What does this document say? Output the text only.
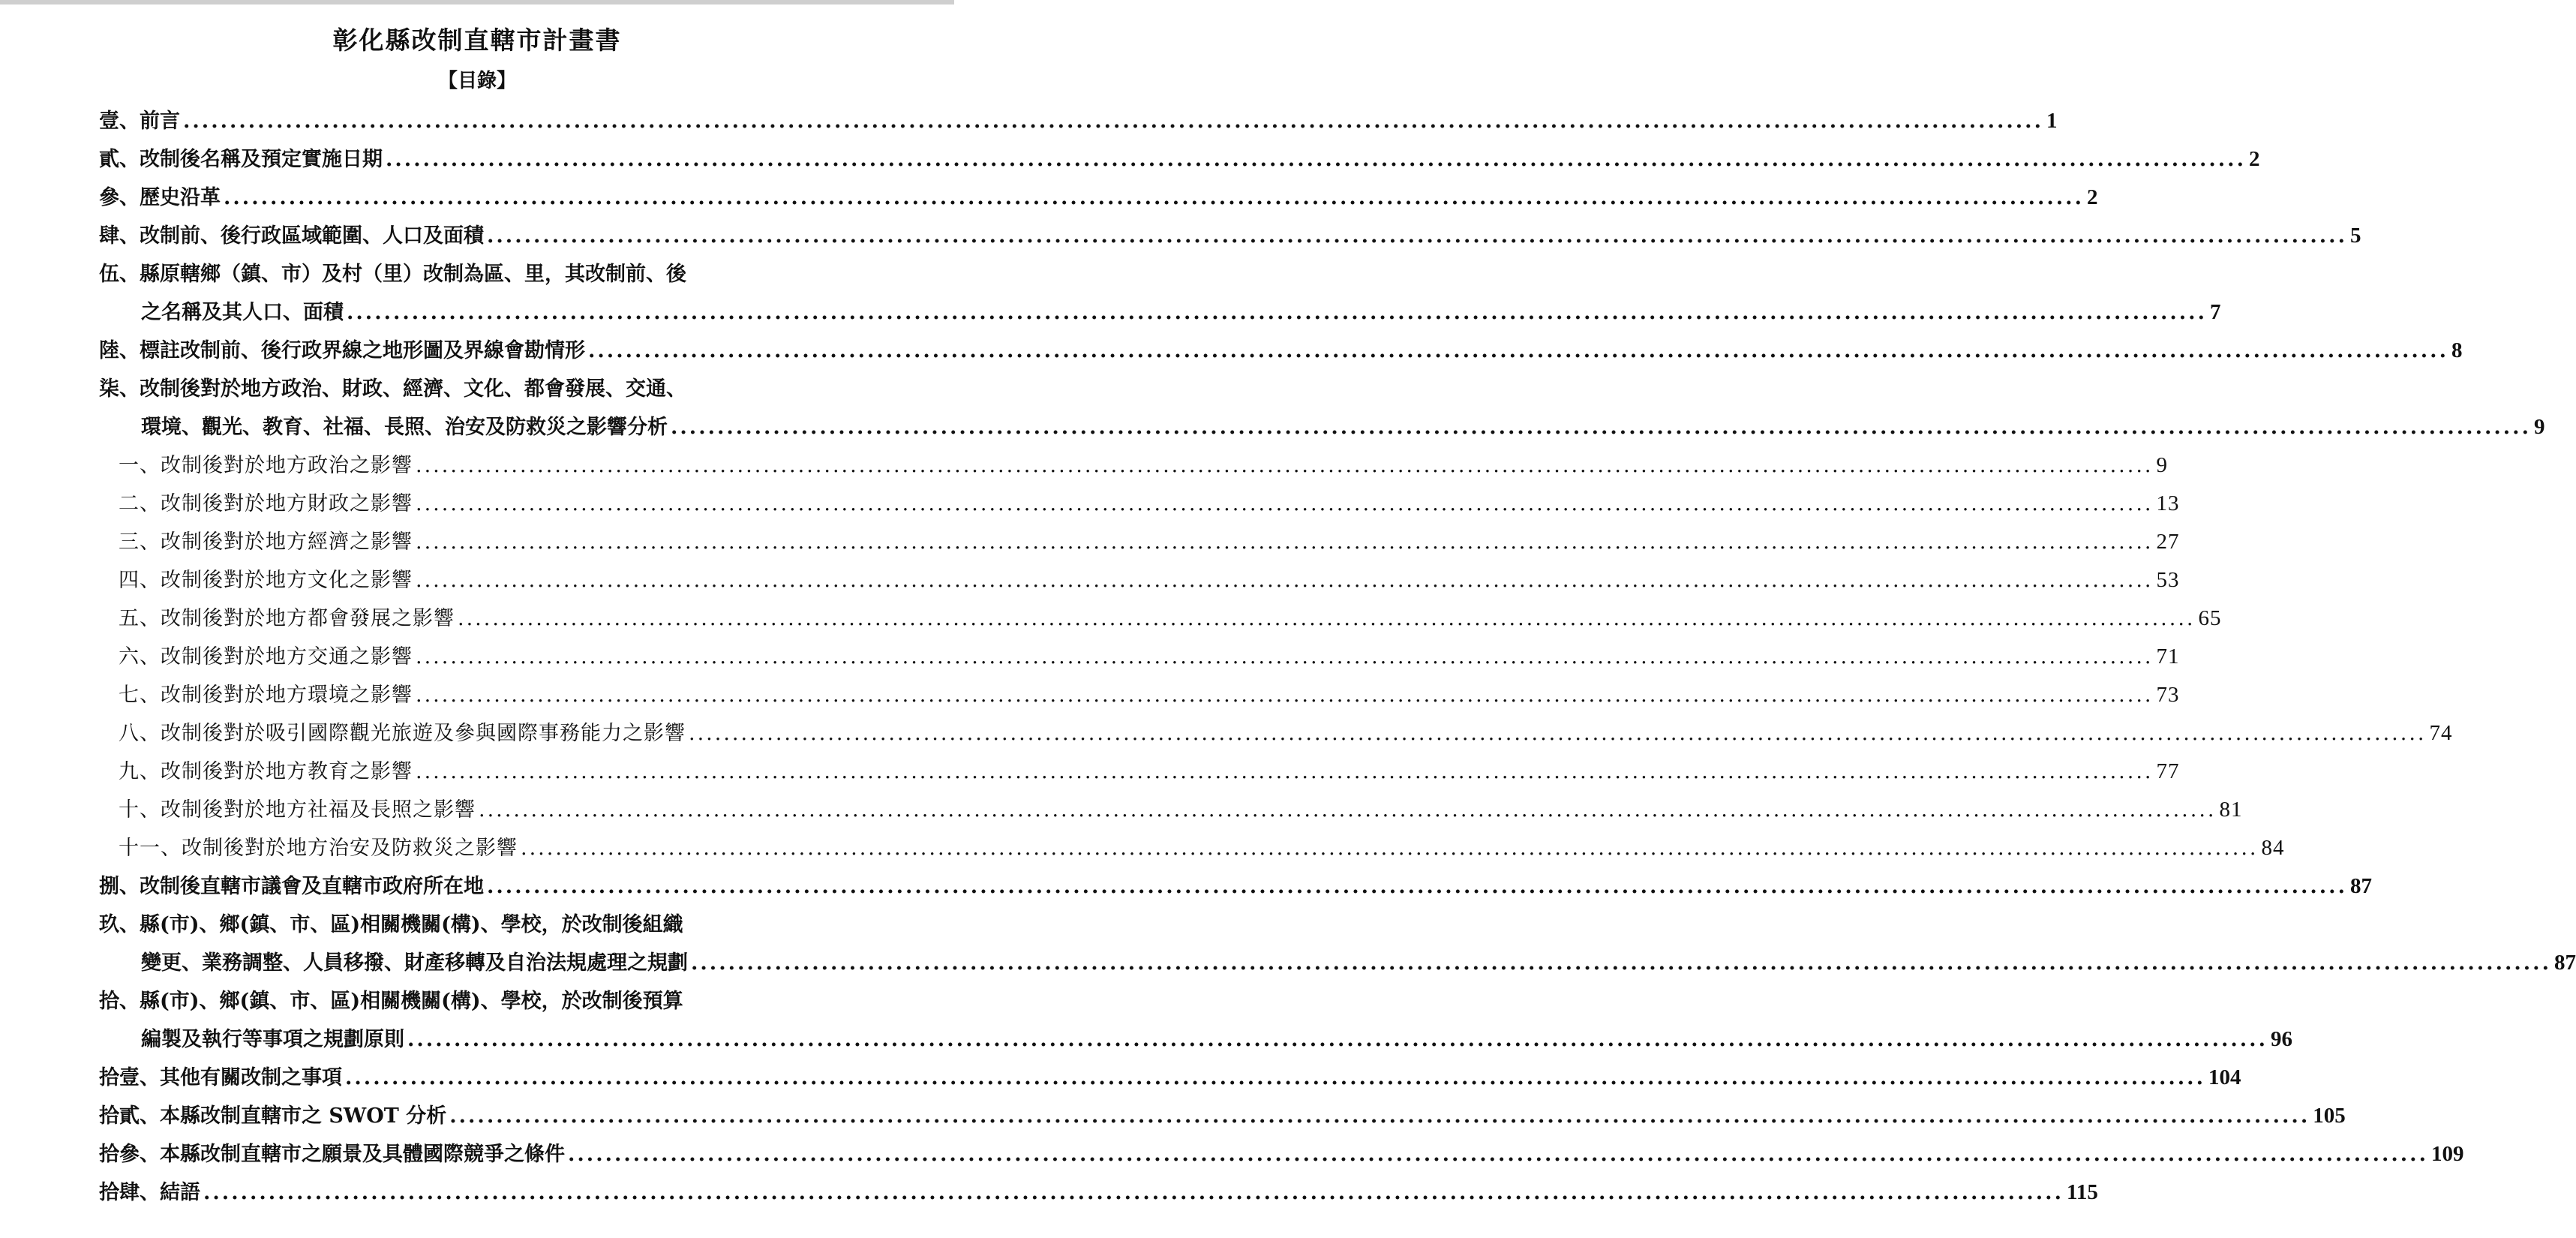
彰化縣改制直轄市計畫書
【目錄】
壹、前言 ........................................................................................................................................................................................................ 1
貳、改制後名稱及預定實施日期 ........................................................................................................................................................................................................ 2
參、歷史沿革 ........................................................................................................................................................................................................ 2
肆、改制前、後行政區域範圍、人口及面積 ........................................................................................................................................................................................................ 5
伍、縣原轄鄉（鎮、市）及村（里）改制為區、里，其改制前、後
之名稱及其人口、面積 ........................................................................................................................................................................................................ 7
陸、標註改制前、後行政界線之地形圖及界線會勘情形 ........................................................................................................................................................................................................ 8
柒、改制後對於地方政治、財政、經濟、文化、都會發展、交通、
環境、觀光、教育、社福、長照、治安及防救災之影響分析 ........................................................................................................................................................................................................ 9
一、改制後對於地方政治之影響 ........................................................................................................................................................................................................ 9
二、改制後對於地方財政之影響 ........................................................................................................................................................................................................ 13
三、改制後對於地方經濟之影響 ........................................................................................................................................................................................................ 27
四、改制後對於地方文化之影響 ........................................................................................................................................................................................................ 53
五、改制後對於地方都會發展之影響 ........................................................................................................................................................................................................ 65
六、改制後對於地方交通之影響 ........................................................................................................................................................................................................ 71
七、改制後對於地方環境之影響 ........................................................................................................................................................................................................ 73
八、改制後對於吸引國際觀光旅遊及參與國際事務能力之影響 ........................................................................................................................................................................................................ 74
九、改制後對於地方教育之影響 ........................................................................................................................................................................................................ 77
十、改制後對於地方社福及長照之影響 ........................................................................................................................................................................................................ 81
十一、改制後對於地方治安及防救災之影響 ........................................................................................................................................................................................................ 84
捌、改制後直轄市議會及直轄市政府所在地 ........................................................................................................................................................................................................ 87
玖、縣(市)、鄉(鎮、市、區)相關機關(構)、學校，於改制後組織
變更、業務調整、人員移撥、財產移轉及自治法規處理之規劃 ........................................................................................................................................................................................................ 87
拾、縣(市)、鄉(鎮、市、區)相關機關(構)、學校，於改制後預算
編製及執行等事項之規劃原則 ........................................................................................................................................................................................................ 96
拾壹、其他有關改制之事項 ........................................................................................................................................................................................................ 104
拾貳、本縣改制直轄市之 SWOT 分析 ........................................................................................................................................................................................................ 105
拾參、本縣改制直轄市之願景及具體國際競爭之條件 ........................................................................................................................................................................................................ 109
拾肆、結語 ........................................................................................................................................................................................................ 115
